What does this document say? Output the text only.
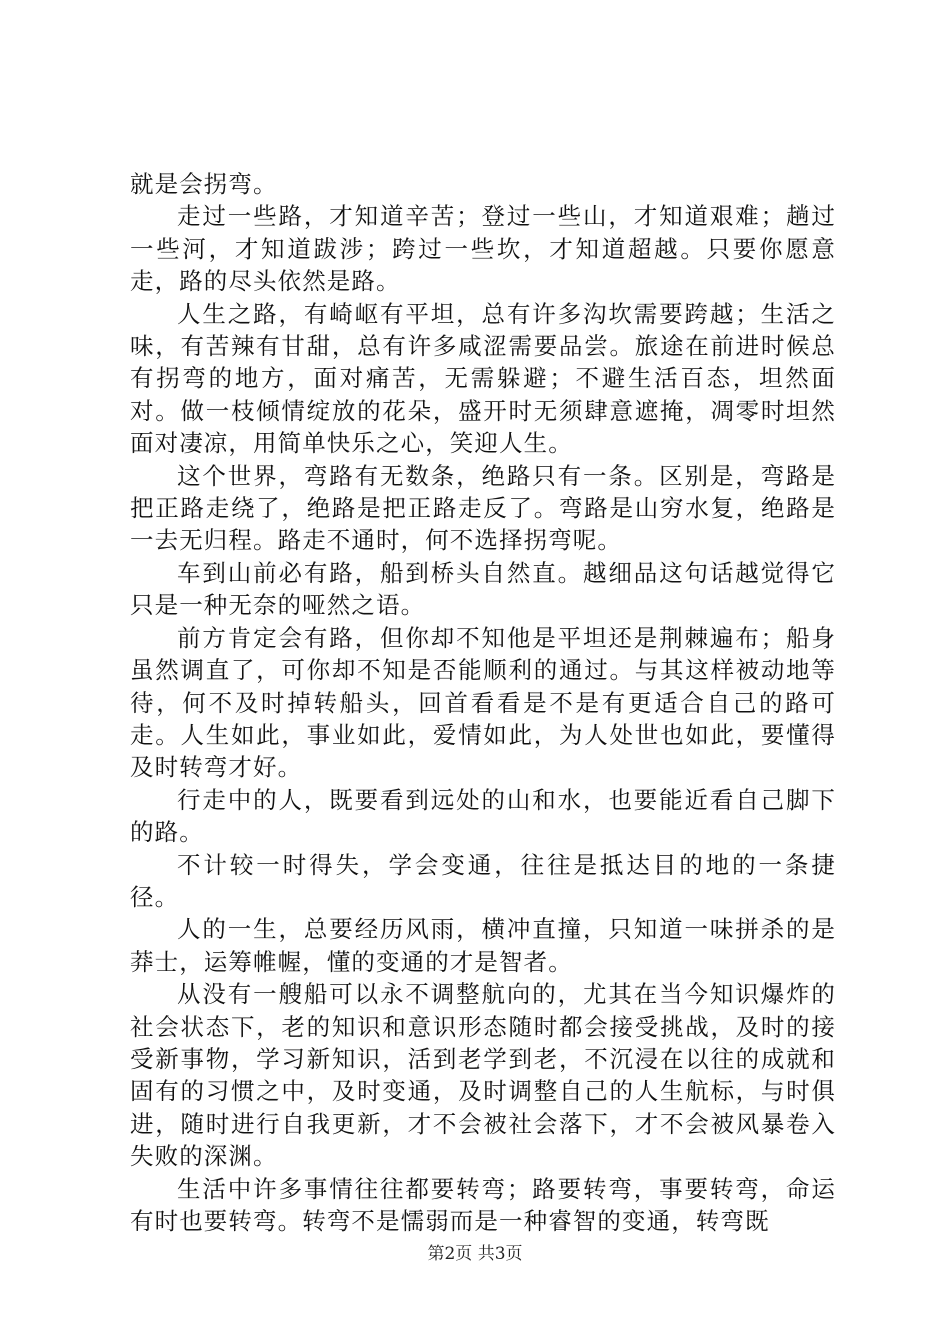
就是会拐弯。

走过一些路，才知道辛苦；登过一些山，才知道艰难；趟过一些河，才知道跋涉；跨过一些坎，才知道超越。只要你愿意走，路的尽头依然是路。

人生之路，有崎岖有平坦，总有许多沟坎需要跨越；生活之味，有苦辣有甘甜，总有许多咸涩需要品尝。旅途在前进时候总有拐弯的地方，面对痛苦，无需躲避；不避生活百态，坦然面对。做一枝倾情绽放的花朵，盛开时无须肆意遮掩，凋零时坦然面对凄凉，用简单快乐之心，笑迎人生。

这个世界，弯路有无数条，绝路只有一条。区别是，弯路是把正路走绕了，绝路是把正路走反了。弯路是山穷水复，绝路是一去无归程。路走不通时，何不选择拐弯呢。

车到山前必有路，船到桥头自然直。越细品这句话越觉得它只是一种无奈的哑然之语。

前方肯定会有路，但你却不知他是平坦还是荆棘遍布；船身虽然调直了，可你却不知是否能顺利的通过。与其这样被动地等待，何不及时掉转船头，回首看看是不是有更适合自己的路可走。人生如此，事业如此，爱情如此，为人处世也如此，要懂得及时转弯才好。

行走中的人，既要看到远处的山和水，也要能近看自己脚下的路。

不计较一时得失，学会变通，往往是抵达目的地的一条捷径。

人的一生，总要经历风雨，横冲直撞，只知道一味拼杀的是莽士，运筹帷幄，懂的变通的才是智者。

从没有一艘船可以永不调整航向的，尤其在当今知识爆炸的社会状态下，老的知识和意识形态随时都会接受挑战，及时的接受新事物，学习新知识，活到老学到老，不沉浸在以往的成就和固有的习惯之中，及时变通，及时调整自己的人生航标，与时俱进，随时进行自我更新，才不会被社会落下，才不会被风暴卷入失败的深渊。

生活中许多事情往往都要转弯；路要转弯，事要转弯，命运有时也要转弯。转弯不是懦弱而是一种睿智的变通，转弯既

第2页 共3页
